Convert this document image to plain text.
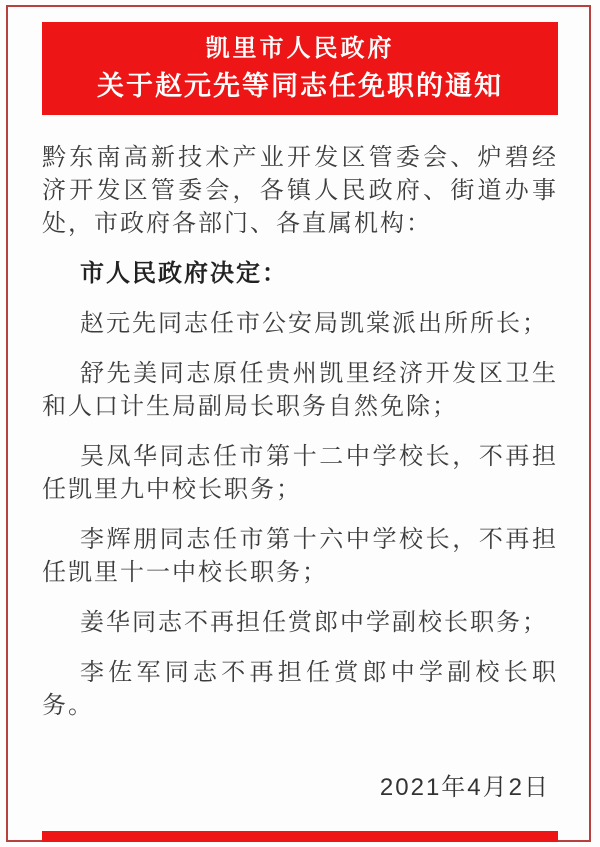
凯里市人民政府
关于赵元先等同志任免职的通知

黔东南高新技术产业开发区管委会、炉碧经济开发区管委会，各镇人民政府、街道办事处，市政府各部门、各直属机构：

市人民政府决定：

赵元先同志任市公安局凯棠派出所所长；

舒先美同志原任贵州凯里经济开发区卫生和人口计生局副局长职务自然免除；

吴凤华同志任市第十二中学校长，不再担任凯里九中校长职务；

李辉朋同志任市第十六中学校长，不再担任凯里十一中校长职务；

姜华同志不再担任赏郎中学副校长职务；

李佐军同志不再担任赏郎中学副校长职务。

2021年4月2日
